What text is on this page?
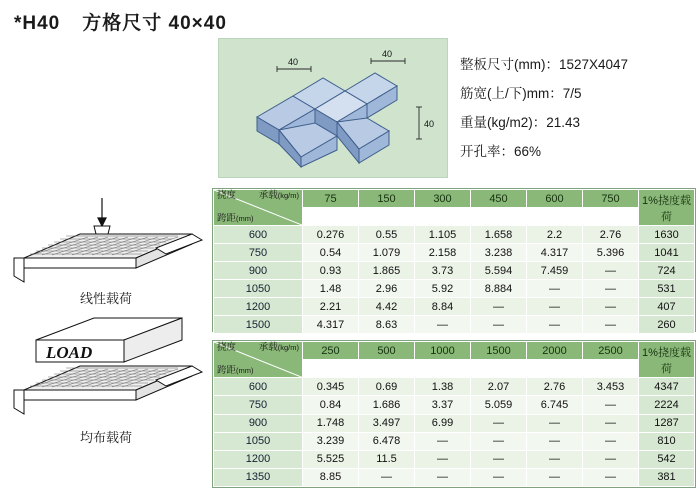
*H40 方格尺寸 40×40
40
40
40
整板尺寸(mm)：1527X4047
筋宽(上/下)mm：7/5
重量(kg/m2)：21.43
开孔率：66%
线性载荷
LOAD
均布载荷
承载(kg/m)
跨距(mm)
挠度	75	150	300	450	600	750	1%挠度载荷

600	0.276	0.55	1.105	1.658	2.2	2.76	1630
750	0.54	1.079	2.158	3.238	4.317	5.396	1041
900	0.93	1.865	3.73	5.594	7.459	—	724
1050	1.48	2.96	5.92	8.884	—	—	531
1200	2.21	4.42	8.84	—	—	—	407
1500	4.317	8.63	—	—	—	—	260
承载(kg/m)
跨距(mm)
挠度	250	500	1000	1500	2000	2500	1%挠度载荷

600	0.345	0.69	1.38	2.07	2.76	3.453	4347
750	0.84	1.686	3.37	5.059	6.745	—	2224
900	1.748	3.497	6.99	—	—	—	1287
1050	3.239	6.478	—	—	—	—	810
1200	5.525	11.5	—	—	—	—	542
1350	8.85	—	—	—	—	—	381
